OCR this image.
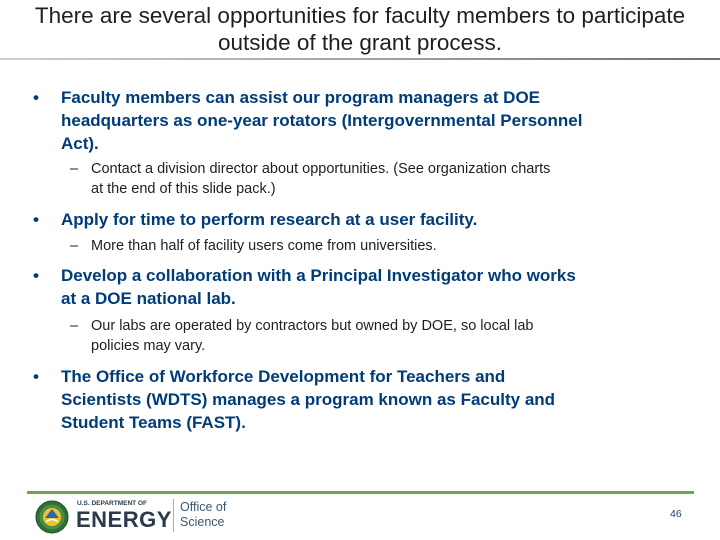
There are several opportunities for faculty members to participate
outside of the grant process.
• Faculty members can assist our program managers at DOE
headquarters as one-year rotators (Intergovernmental Personnel
Act).
– Contact a division director about opportunities. (See organization charts
at the end of this slide pack.)
• Apply for time to perform research at a user facility.
– More than half of facility users come from universities.
• Develop a collaboration with a Principal Investigator who works
at a DOE national lab.
– Our labs are operated by contractors but owned by DOE, so local lab
policies may vary.
• The Office of Workforce Development for Teachers and
Scientists (WDTS) manages a program known as Faculty and
Student Teams (FAST).
U.S. DEPARTMENT OF
ENERGY Office of
Science
46
